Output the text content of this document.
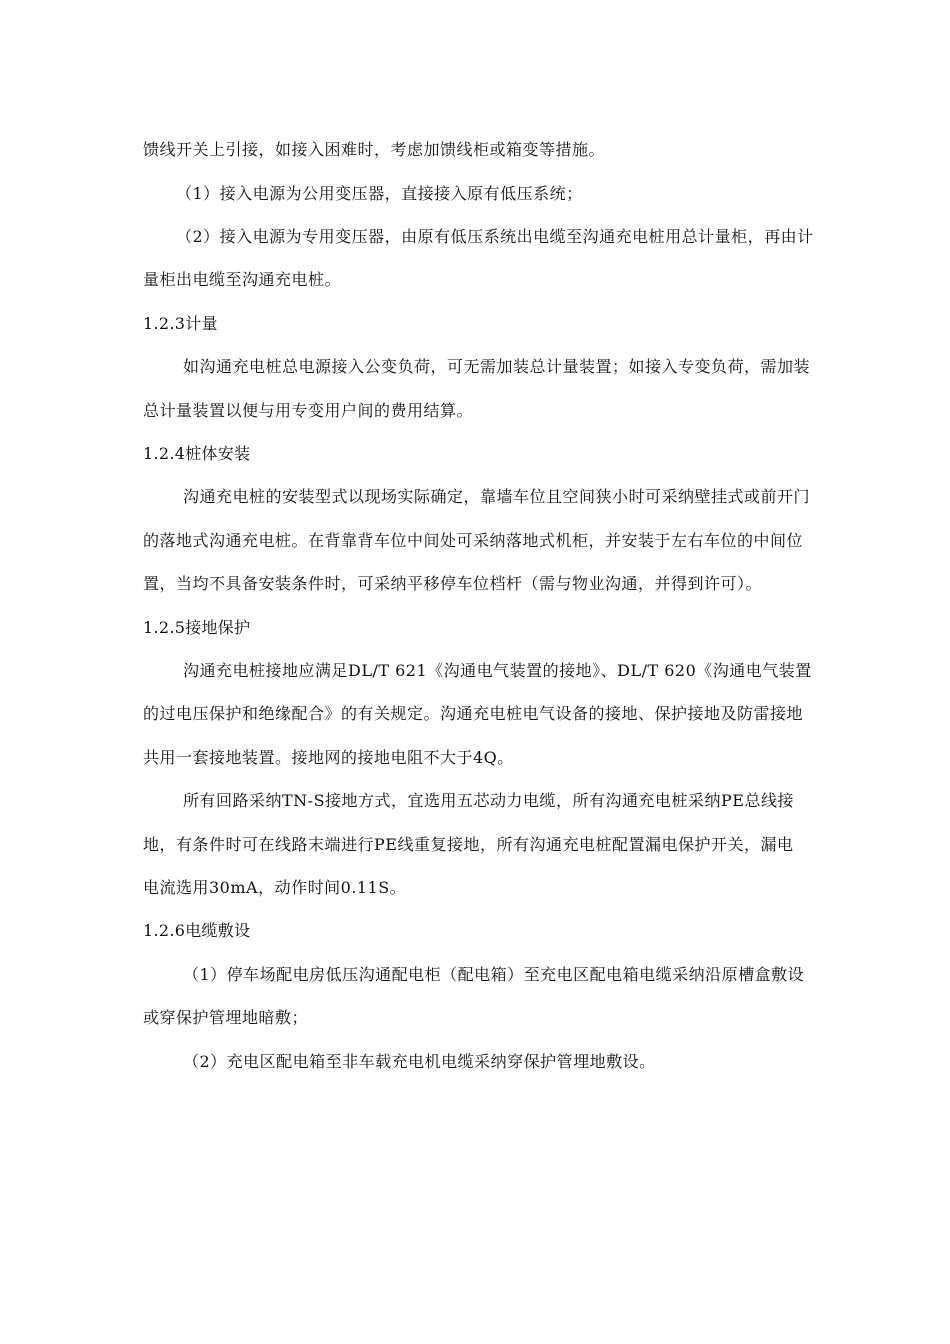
馈线开关上引接，如接入困难时，考虑加馈线柜或箱变等措施。
（1）接入电源为公用变压器，直接接入原有低压系统；
（2）接入电源为专用变压器，由原有低压系统出电缆至沟通充电桩用总计量柜，再由计
量柜出电缆至沟通充电桩。
1.2.3计量
如沟通充电桩总电源接入公变负荷，可无需加装总计量装置；如接入专变负荷，需加装
总计量装置以便与用专变用户间的费用结算。
1.2.4桩体安装
沟通充电桩的安装型式以现场实际确定，靠墙车位且空间狭小时可采纳壁挂式或前开门
的落地式沟通充电桩。在背靠背车位中间处可采纳落地式机柜，并安装于左右车位的中间位
置，当均不具备安装条件时，可采纳平移停车位档杆（需与物业沟通，并得到许可）。
1.2.5接地保护
沟通充电桩接地应满足DL/T 621《沟通电气装置的接地》、DL/T 620《沟通电气装置
的过电压保护和绝缘配合》的有关规定。沟通充电桩电气设备的接地、保护接地及防雷接地
共用一套接地装置。接地网的接地电阻不大于4Q。
所有回路采纳TN-S接地方式，宜选用五芯动力电缆，所有沟通充电桩采纳PE总线接
地，有条件时可在线路末端进行PE线重复接地，所有沟通充电桩配置漏电保护开关，漏电
电流选用30mA，动作时间0.11S。
1.2.6电缆敷设
（1）停车场配电房低压沟通配电柜（配电箱）至充电区配电箱电缆采纳沿原槽盒敷设
或穿保护管埋地暗敷；
（2）充电区配电箱至非车载充电机电缆采纳穿保护管埋地敷设。
